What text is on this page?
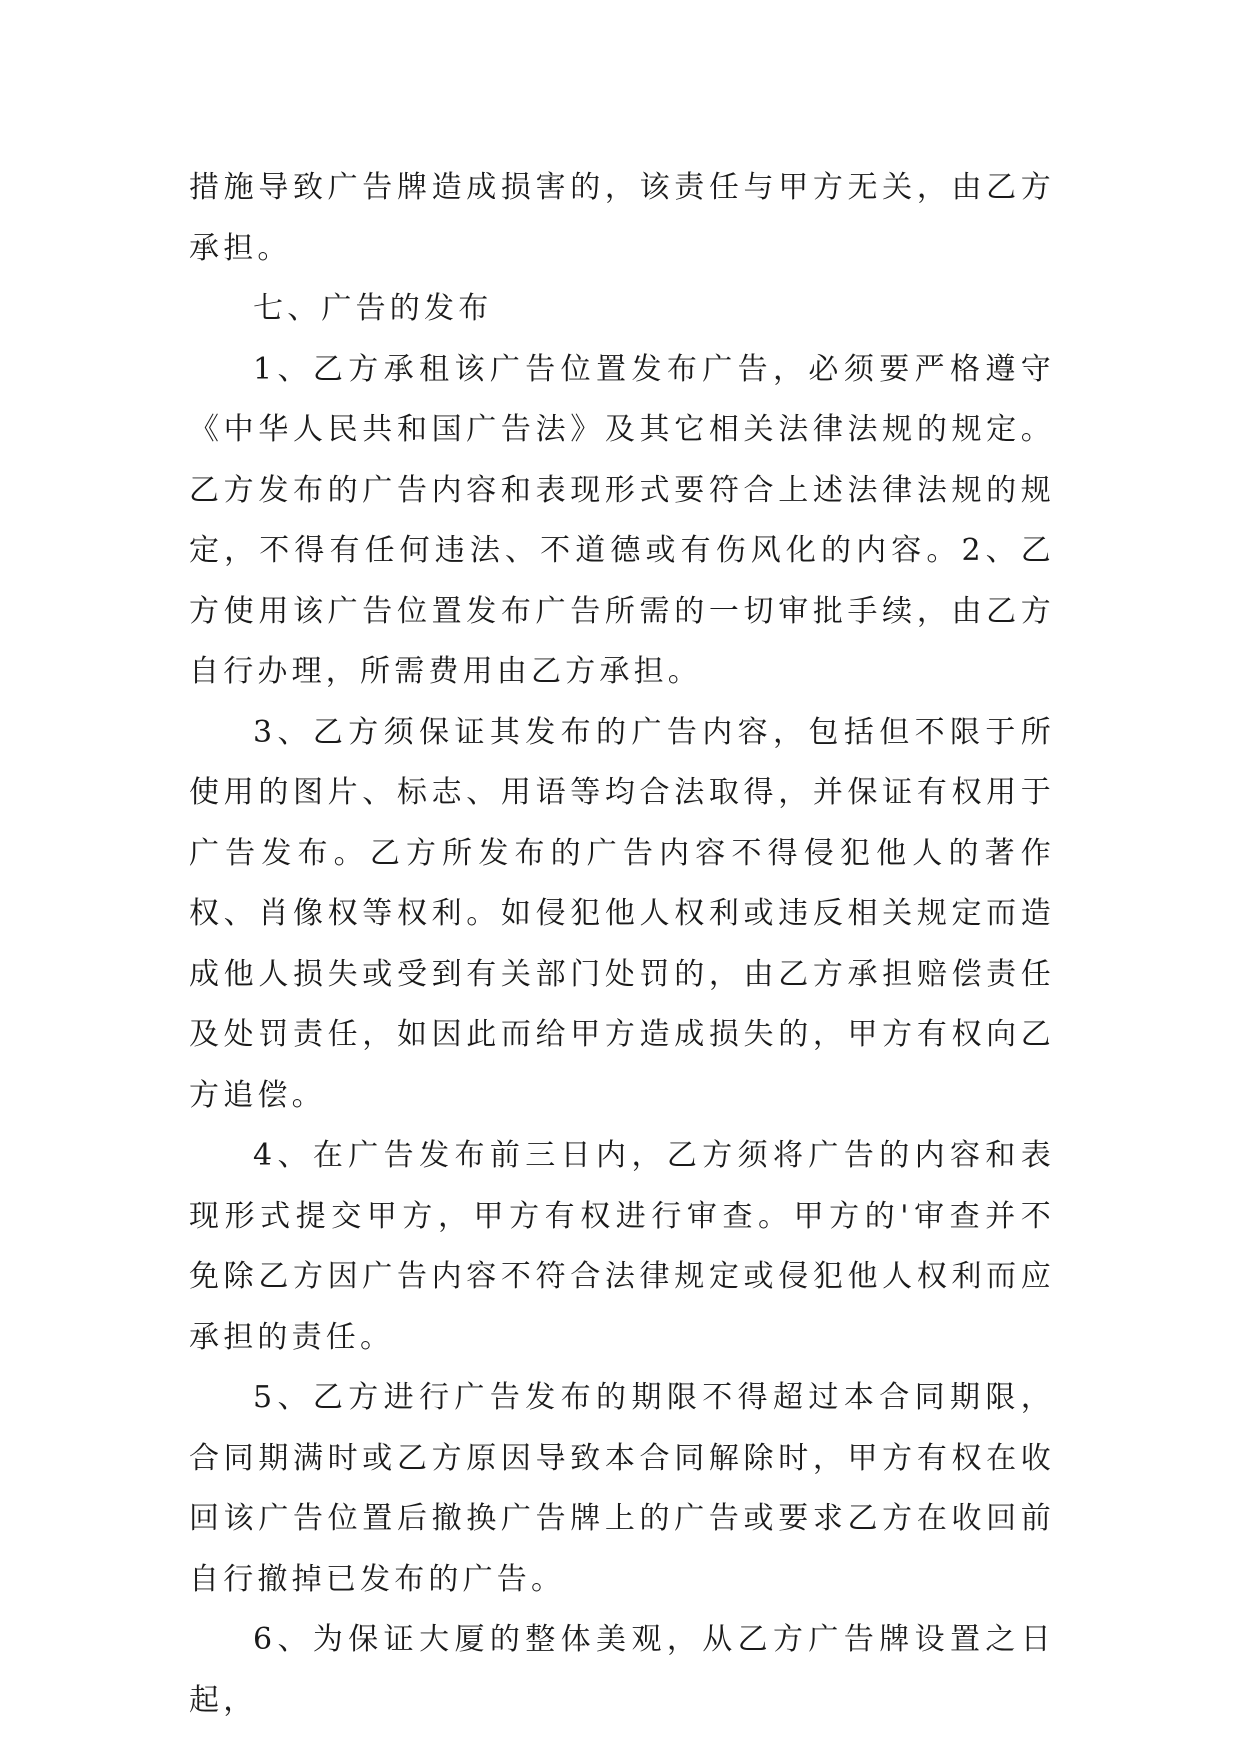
措施导致广告牌造成损害的，该责任与甲方无关，由乙方承担。

七、广告的发布

1、乙方承租该广告位置发布广告，必须要严格遵守《中华人民共和国广告法》及其它相关法律法规的规定。 乙方发布的广告内容和表现形式要符合上述法律法规的规定，不得有任何违法、不道德或有伤风化的内容。2、乙方使用该广告位置发布广告所需的一切审批手续，由乙方自行办理，所需费用由乙方承担。

3、乙方须保证其发布的广告内容，包括但不限于所使用的图片、标志、用语等均合法取得，并保证有权用于广告发布。乙方所发布的广告内容不得侵犯他人的著作权、肖像权等权利。如侵犯他人权利或违反相关规定而造成他人损失或受到有关部门处罚的，由乙方承担赔偿责任及处罚责任，如因此而给甲方造成损失的，甲方有权向乙方追偿。

4、在广告发布前三日内，乙方须将广告的内容和表现形式提交甲方，甲方有权进行审查。甲方的'审查并不免除乙方因广告内容不符合法律规定或侵犯他人权利而应承担的责任。

5、乙方进行广告发布的期限不得超过本合同期限，合同期满时或乙方原因导致本合同解除时，甲方有权在收回该广告位置后撤换广告牌上的广告或要求乙方在收回前自行撤掉已发布的广告。

6、为保证大厦的整体美观，从乙方广告牌设置之日起，
